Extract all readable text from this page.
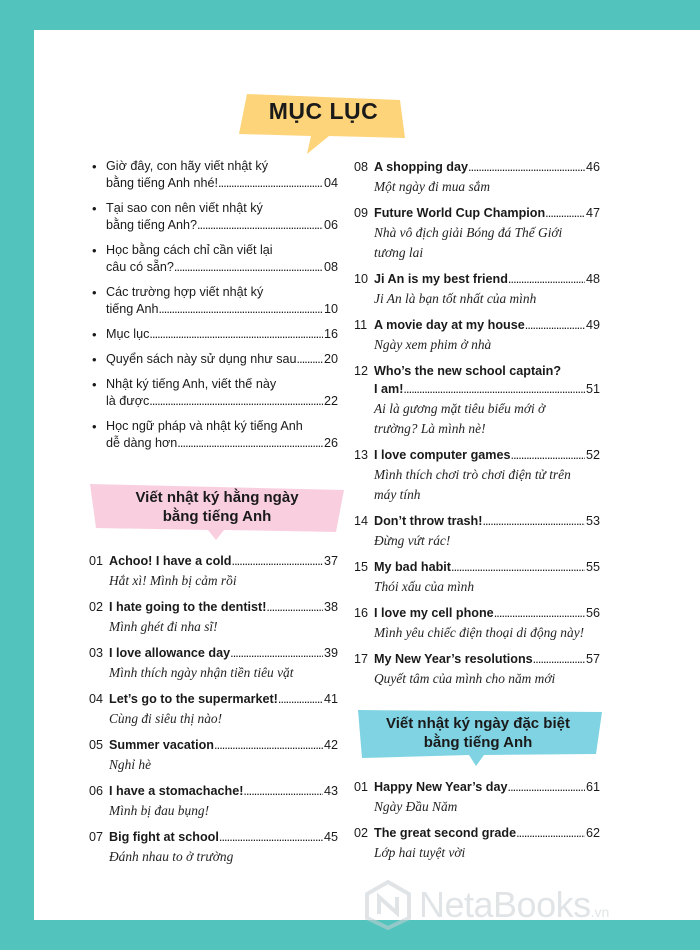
MỤC LỤC
• Giờ đây, con hãy viết nhật ký
bằng tiếng Anh nhé! . . .	04
• Tại sao con nên viết nhật ký
bằng tiếng Anh? . . .	06
• Học bằng cách chỉ cần viết lại
câu có sẵn? . . .	08
• Các trường hợp viết nhật ký
tiếng Anh . . .	10
• Mục lục . . .	16
• Quyển sách này sử dụng như sau . . . 20
• Nhật ký tiếng Anh, viết thế này
là được . . .	22
• Học ngữ pháp và nhật ký tiếng Anh
dễ dàng hơn . . .	26
Viết nhật ký hằng ngày
bằng tiếng Anh
01 Achoo! I have a cold . . .	37
Hắt xì! Mình bị cảm rồi
02 I hate going to the dentist! . . .	38
Mình ghét đi nha sĩ!
03 I love allowance day . . .	39
Mình thích ngày nhận tiền tiêu vặt
04 Let’s go to the supermarket! . . .	41
Cùng đi siêu thị nào!
05 Summer vacation . . .	42
Nghỉ hè
06 I have a stomachache! . . .	43
Mình bị đau bụng!
07 Big fight at school . . .	45
Đánh nhau to ở trường
08 A shopping day . . .	46
Một ngày đi mua sắm
09 Future World Cup Champion . . .	47
Nhà vô địch giải Bóng đá Thế Giới
tương lai
10 Ji An is my best friend . . .	48
Ji An là bạn tốt nhất của mình
11 A movie day at my house . . .	49
Ngày xem phim ở nhà
12 Who’s the new school captain?
I am! . . .	51
Ai là gương mặt tiêu biểu mới ở
trường? Là mình nè!
13 I love computer games . . .	52
Mình thích chơi trò chơi điện tử trên
máy tính
14 Don’t throw trash! . . .	53
Đừng vứt rác!
15 My bad habit . . .	55
Thói xấu của mình
16 I love my cell phone . . .	56
Mình yêu chiếc điện thoại di động này!
17 My New Year’s resolutions . . .	57
Quyết tâm của mình cho năm mới
Viết nhật ký ngày đặc biệt
bằng tiếng Anh
01 Happy New Year’s day . . .	61
Ngày Đầu Năm
02 The great second grade . . .	62
Lớp hai tuyệt vời
NetaBooks .vn
